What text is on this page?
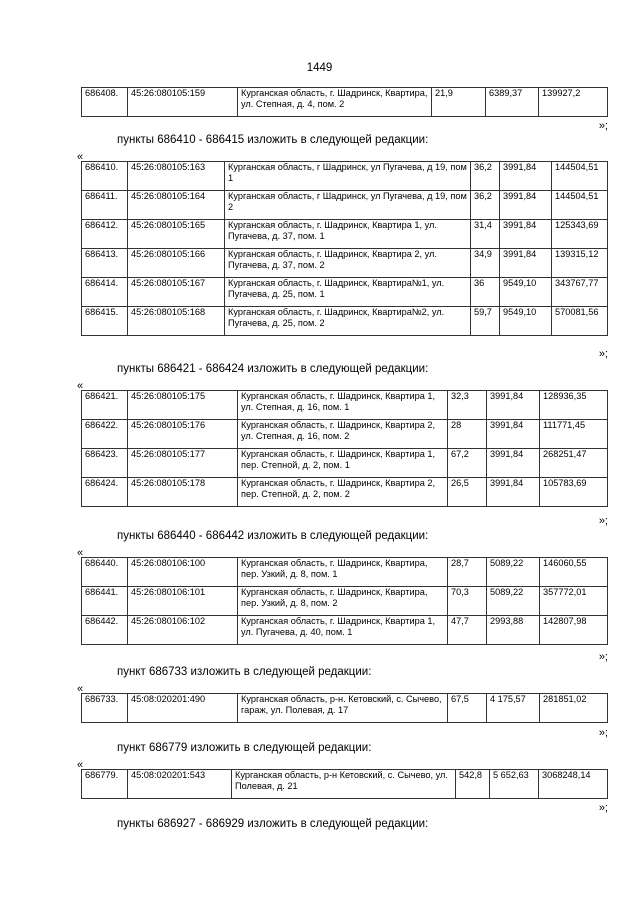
1449
686408.	45:26:080105:159	Курганская область, г. Шадринск, Квартира, ул. Степная, д. 4, пом. 2	21,9	6389,37	139927,2
»;
пункты 686410 - 686415 изложить в следующей редакции:
«
686410.	45:26:080105:163	Курганская область, г Шадринск, ул Пугачева, д 19, пом 1	36,2	3991,84	144504,51
686411.	45:26:080105:164	Курганская область, г Шадринск, ул Пугачева, д 19, пом 2	36,2	3991,84	144504,51
686412.	45:26:080105:165	Курганская область, г. Шадринск, Квартира 1, ул. Пугачева, д. 37, пом. 1	31,4	3991,84	125343,69
686413.	45:26:080105:166	Курганская область, г. Шадринск, Квартира 2, ул. Пугачева, д. 37, пом. 2	34,9	3991,84	139315,12
686414.	45:26:080105:167	Курганская область, г. Шадринск, Квартира№1, ул. Пугачева, д. 25, пом. 1	36	9549,10	343767,77
686415.	45:26:080105:168	Курганская область, г. Шадринск, Квартира№2, ул. Пугачева, д. 25, пом. 2	59,7	9549,10	570081,56
»;
пункты 686421 - 686424 изложить в следующей редакции:
«
686421.	45:26:080105:175	Курганская область, г. Шадринск, Квартира 1, ул. Степная, д. 16, пом. 1	32,3	3991,84	128936,35
686422.	45:26:080105:176	Курганская область, г. Шадринск, Квартира 2, ул. Степная, д. 16, пом. 2	28	3991,84	111771,45
686423.	45:26:080105:177	Курганская область, г. Шадринск, Квартира 1, пер. Степной, д. 2, пом. 1	67,2	3991,84	268251,47
686424.	45:26:080105:178	Курганская область, г. Шадринск, Квартира 2, пер. Степной, д. 2, пом. 2	26,5	3991,84	105783,69
»;
пункты 686440 - 686442 изложить в следующей редакции:
«
686440.	45:26:080106:100	Курганская область, г. Шадринск, Квартира, пер. Узкий, д. 8, пом. 1	28,7	5089,22	146060,55
686441.	45:26:080106:101	Курганская область, г. Шадринск, Квартира, пер. Узкий, д. 8, пом. 2	70,3	5089,22	357772,01
686442.	45:26:080106:102	Курганская область, г. Шадринск, Квартира 1, ул. Пугачева, д. 40, пом. 1	47,7	2993,88	142807,98
»;
пункт 686733 изложить в следующей редакции:
«
686733.	45:08:020201:490	Курганская область, р-н. Кетовский, с. Сычево, гараж, ул. Полевая, д. 17	67,5	4 175,57	281851,02
»;
пункт 686779 изложить в следующей редакции:
«
686779.	45:08:020201:543	Курганская область, р-н Кетовский, с. Сычево, ул. Полевая, д. 21	542,8	5 652,63	3068248,14
»;
пункты 686927 - 686929 изложить в следующей редакции:
